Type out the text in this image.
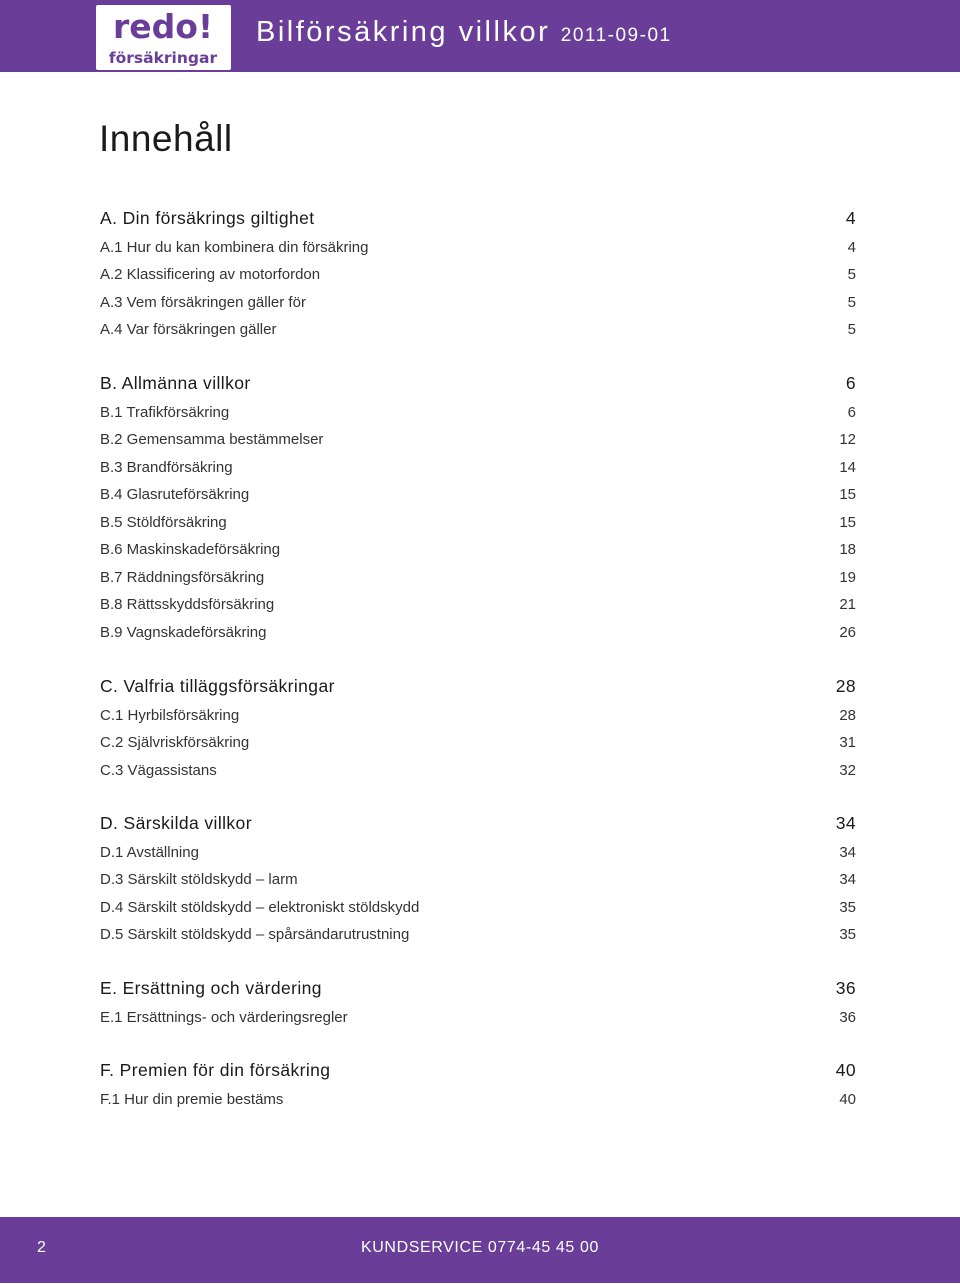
redo!
försäkringar
Bilförsäkring villkor 2011-09-01
Innehåll
A. Din försäkrings giltighet	4
A.1 Hur du kan kombinera din försäkring	4
A.2 Klassificering av motorfordon	5
A.3 Vem försäkringen gäller för	5
A.4 Var försäkringen gäller	5
B. Allmänna villkor	6
B.1 Trafikförsäkring	6
B.2 Gemensamma bestämmelser	12
B.3 Brandförsäkring	14
B.4 Glasruteförsäkring	15
B.5 Stöldförsäkring	15
B.6 Maskinskadeförsäkring	18
B.7 Räddningsförsäkring	19
B.8 Rättsskyddsförsäkring	21
B.9 Vagnskadeförsäkring	26
C. Valfria tilläggsförsäkringar	28
C.1 Hyrbilsförsäkring	28
C.2 Självriskförsäkring	31
C.3 Vägassistans	32
D. Särskilda villkor	34
D.1 Avställning	34
D.3 Särskilt stöldskydd – larm	34
D.4 Särskilt stöldskydd – elektroniskt stöldskydd	35
D.5 Särskilt stöldskydd – spårsändarutrustning	35
E. Ersättning och värdering	36
E.1 Ersättnings- och värderingsregler	36
F. Premien för din försäkring	40
F.1 Hur din premie bestäms	40
2	KUNDSERVICE 0774-45 45 00
